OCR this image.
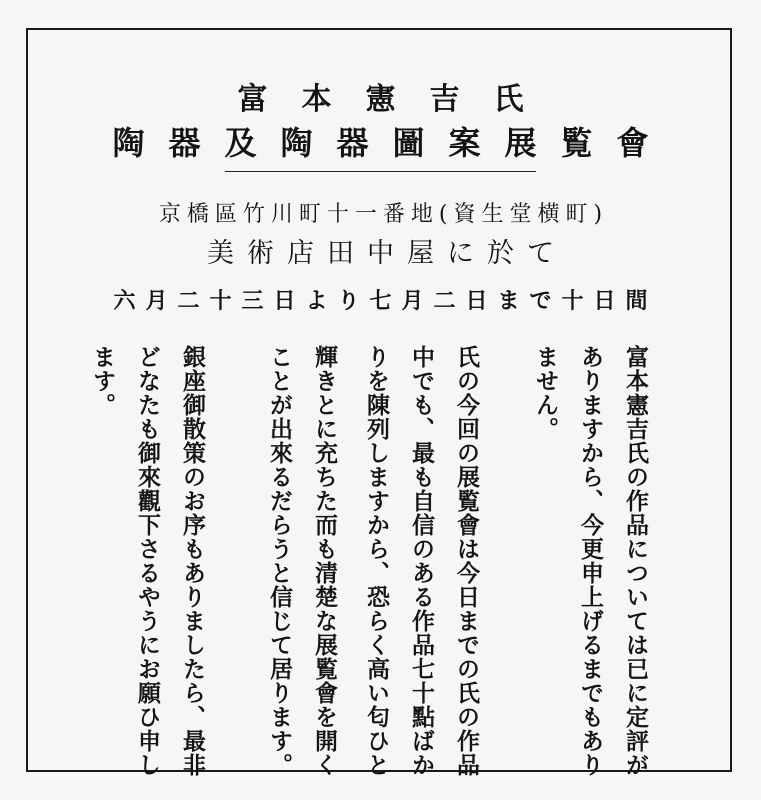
富本憲吉氏
陶器及陶器圖案展覧會
京橋區竹川町十一番地(資生堂横町)
美術店田中屋に於て
六月二十三日より七月二日まで十日間
富本憲吉氏の作品については已に定評が
ありますから、今更申上げるまでもあり
ません。
氏の今回の展覧會は今日までの氏の作品
中でも、最も自信のある作品七十點ばか
りを陳列しますから、恐らく高い匂ひと
輝きとに充ちた而も清楚な展覧會を開く
ことが出來るだらうと信じて居ります。
銀座御散策のお序もありましたら、最非
どなたも御來觀下さるやうにお願ひ申し
ます。
